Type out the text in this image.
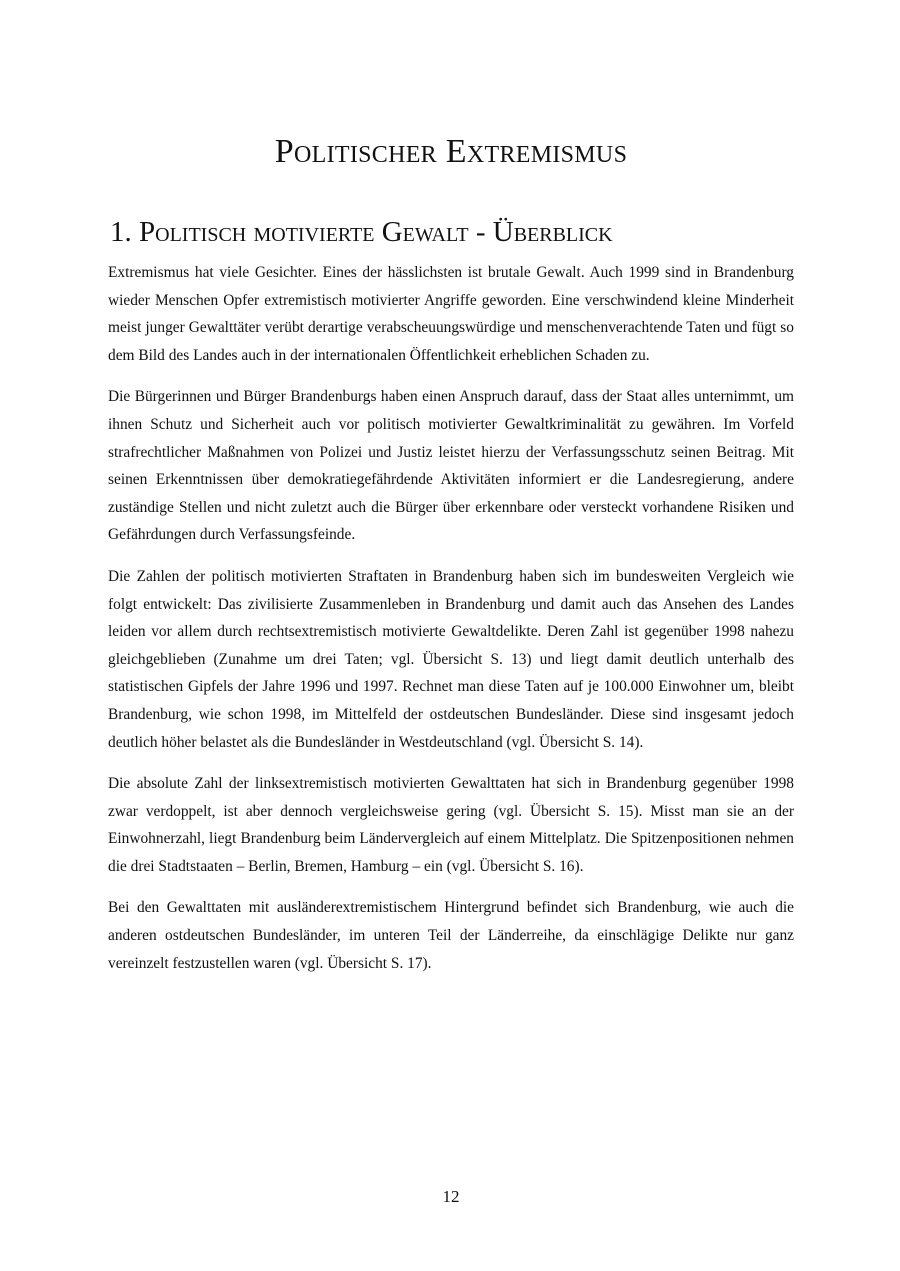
Politischer Extremismus
1. Politisch motivierte Gewalt - Überblick

Extremismus hat viele Gesichter. Eines der hässlichsten ist brutale Gewalt. Auch 1999 sind in Brandenburg wieder Menschen Opfer extremistisch motivierter Angriffe geworden. Eine verschwindend kleine Minderheit meist junger Gewalttäter verübt derartige verabscheuungswürdige und menschenverachtende Taten und fügt so dem Bild des Landes auch in der internationalen Öffentlichkeit erheblichen Schaden zu.

Die Bürgerinnen und Bürger Brandenburgs haben einen Anspruch darauf, dass der Staat alles unternimmt, um ihnen Schutz und Sicherheit auch vor politisch motivierter Gewaltkriminalität zu gewähren. Im Vorfeld strafrechtlicher Maßnahmen von Polizei und Justiz leistet hierzu der Verfassungsschutz seinen Beitrag. Mit seinen Erkenntnissen über demokratiegefährdende Aktivitäten informiert er die Landesregierung, andere zuständige Stellen und nicht zuletzt auch die Bürger über erkennbare oder versteckt vorhandene Risiken und Gefährdungen durch Verfassungsfeinde.

Die Zahlen der politisch motivierten Straftaten in Brandenburg haben sich im bundesweiten Vergleich wie folgt entwickelt: Das zivilisierte Zusammenleben in Brandenburg und damit auch das Ansehen des Landes leiden vor allem durch rechtsextremistisch motivierte Gewaltdelikte. Deren Zahl ist gegenüber 1998 nahezu gleichgeblieben (Zunahme um drei Taten; vgl. Übersicht S. 13) und liegt damit deutlich unterhalb des statistischen Gipfels der Jahre 1996 und 1997. Rechnet man diese Taten auf je 100.000 Einwohner um, bleibt Brandenburg, wie schon 1998, im Mittelfeld der ostdeutschen Bundesländer. Diese sind insgesamt jedoch deutlich höher belastet als die Bundesländer in Westdeutschland (vgl. Übersicht S. 14).

Die absolute Zahl der linksextremistisch motivierten Gewalttaten hat sich in Brandenburg gegenüber 1998 zwar verdoppelt, ist aber dennoch vergleichsweise gering (vgl. Übersicht S. 15). Misst man sie an der Einwohnerzahl, liegt Brandenburg beim Ländervergleich auf einem Mittelplatz. Die Spitzenpositionen nehmen die drei Stadtstaaten – Berlin, Bremen, Hamburg – ein (vgl. Übersicht S. 16).

Bei den Gewalttaten mit ausländerextremistischem Hintergrund befindet sich Brandenburg, wie auch die anderen ostdeutschen Bundesländer, im unteren Teil der Länderreihe, da einschlägige Delikte nur ganz vereinzelt festzustellen waren (vgl. Übersicht S. 17).

12
